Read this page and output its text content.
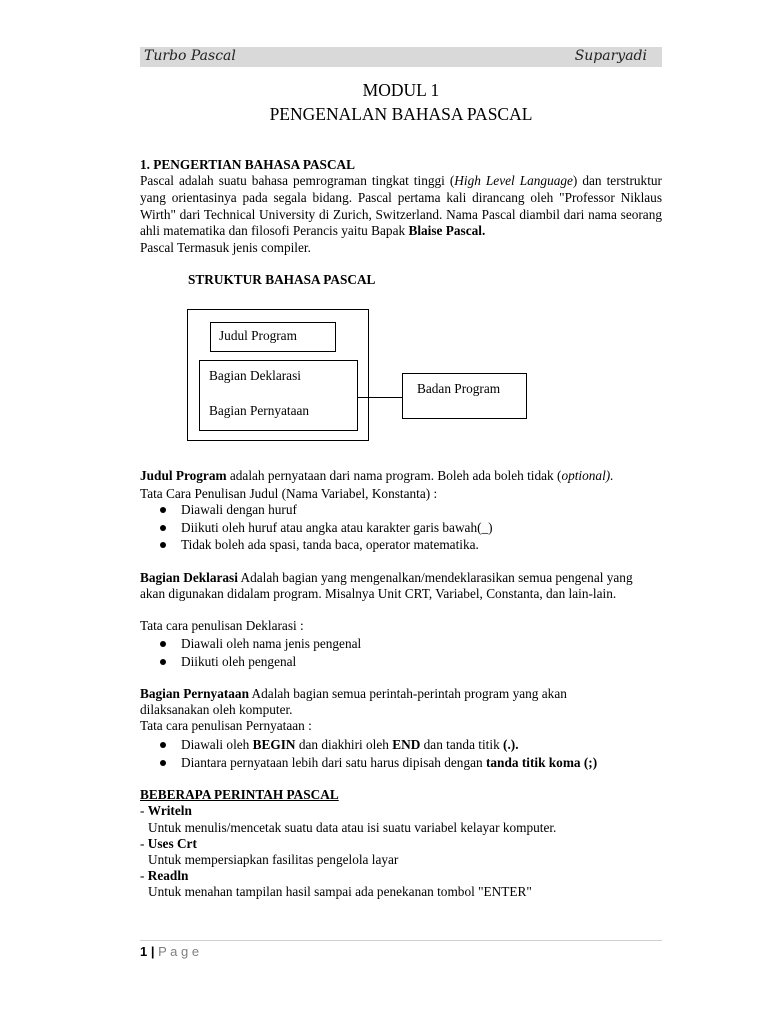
Turbo Pascal	Suparyadi
MODUL 1
PENGENALAN BAHASA PASCAL
1. PENGERTIAN BAHASA PASCAL
Pascal adalah suatu bahasa pemrograman tingkat tinggi (High Level Language) dan terstruktur yang orientasinya pada segala bidang. Pascal pertama kali dirancang oleh "Professor Niklaus Wirth" dari Technical University di Zurich, Switzerland. Nama Pascal diambil dari nama seorang ahli matematika dan filosofi Perancis yaitu Bapak Blaise Pascal.
Pascal Termasuk jenis compiler.
STRUKTUR BAHASA PASCAL
Judul Program
Bagian Deklarasi
Bagian Pernyataan
Badan Program
Judul Program adalah pernyataan dari nama program. Boleh ada boleh tidak (optional).
Tata Cara Penulisan Judul (Nama Variabel, Konstanta) :
Diawali dengan huruf
Diikuti oleh huruf atau angka atau karakter garis bawah(_)
Tidak boleh ada spasi, tanda baca, operator matematika.
Bagian Deklarasi Adalah bagian yang mengenalkan/mendeklarasikan semua pengenal yang
akan digunakan didalam program. Misalnya Unit CRT, Variabel, Constanta, dan lain-lain.
Tata cara penulisan Deklarasi :
Diawali oleh nama jenis pengenal
Diikuti oleh pengenal
Bagian Pernyataan Adalah bagian semua perintah-perintah program yang akan
dilaksanakan oleh komputer.
Tata cara penulisan Pernyataan :
Diawali oleh BEGIN dan diakhiri oleh END dan tanda titik (.).
Diantara pernyataan lebih dari satu harus dipisah dengan tanda titik koma (;)
BEBERAPA PERINTAH PASCAL
- Writeln
Untuk menulis/mencetak suatu data atau isi suatu variabel kelayar komputer.
- Uses Crt
Untuk mempersiapkan fasilitas pengelola layar
- Readln
Untuk menahan tampilan hasil sampai ada penekanan tombol "ENTER"
1 | P a g e
